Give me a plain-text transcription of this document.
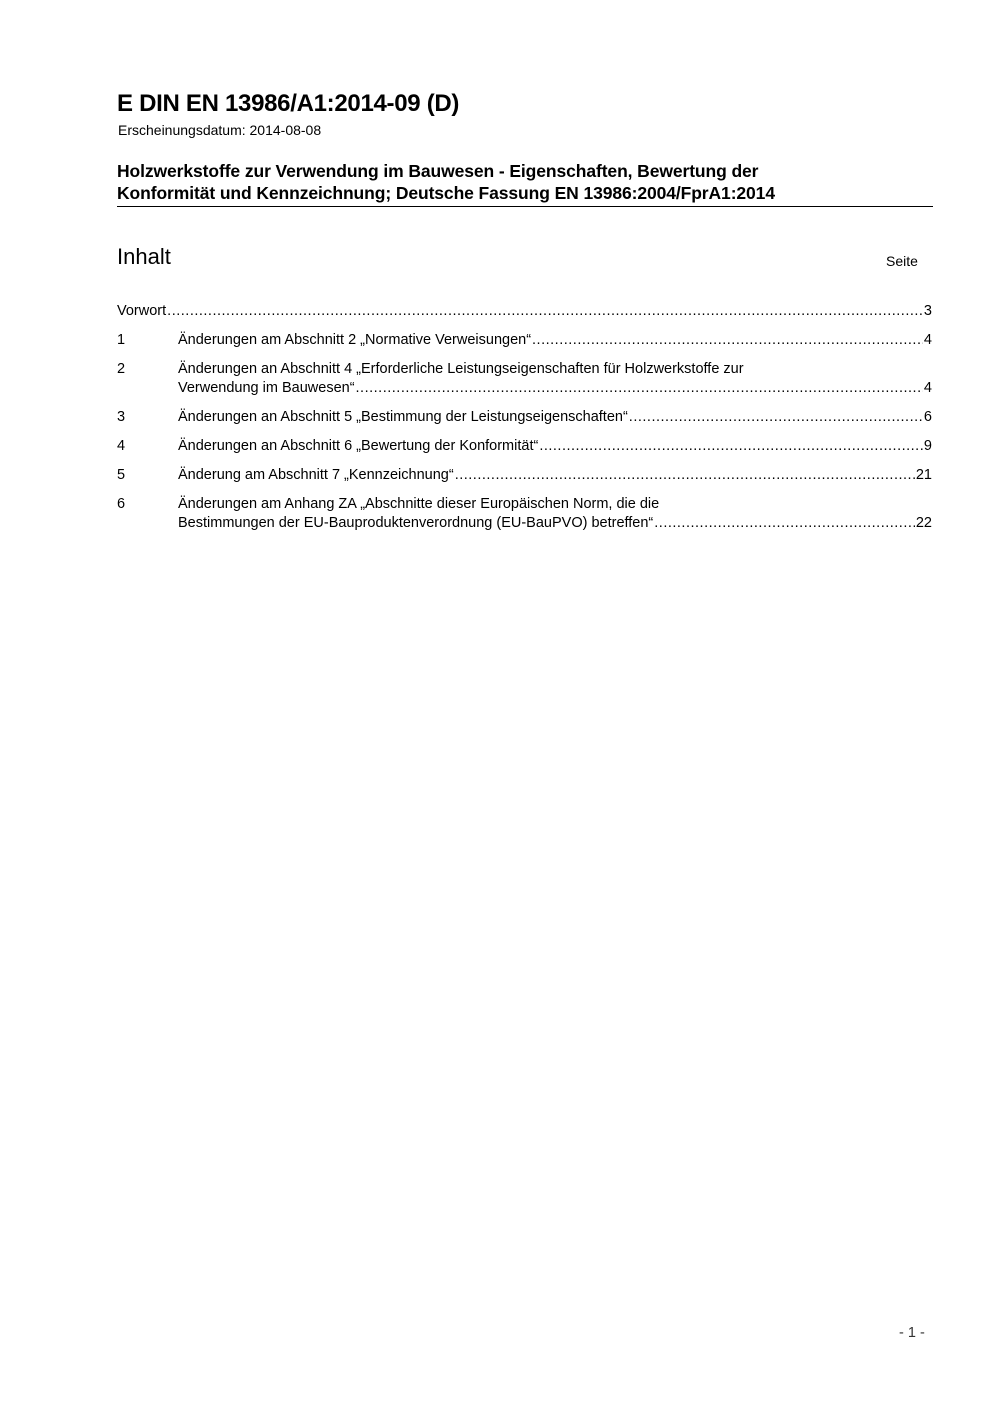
E DIN EN 13986/A1:2014-09 (D)
Erscheinungsdatum: 2014-08-08
Holzwerkstoffe zur Verwendung im Bauwesen - Eigenschaften, Bewertung der
Konformität und Kennzeichnung; Deutsche Fassung EN 13986:2004/FprA1:2014
Inhalt	Seite
Vorwort .....	3
1	Änderungen am Abschnitt 2 „Normative Verweisungen“ .....	4
2	Änderungen an Abschnitt 4 „Erforderliche Leistungseigenschaften für Holzwerkstoffe zur
Verwendung im Bauwesen“ .....	4
3	Änderungen an Abschnitt 5 „Bestimmung der Leistungseigenschaften“ .....	6
4	Änderungen an Abschnitt 6 „Bewertung der Konformität“ .....	9
5	Änderung am Abschnitt 7 „Kennzeichnung“ .....	21
6	Änderungen am Anhang ZA „Abschnitte dieser Europäischen Norm, die die
Bestimmungen der EU-Bauproduktenverordnung (EU-BauPVO) betreffen“ .....	22
- 1 -
